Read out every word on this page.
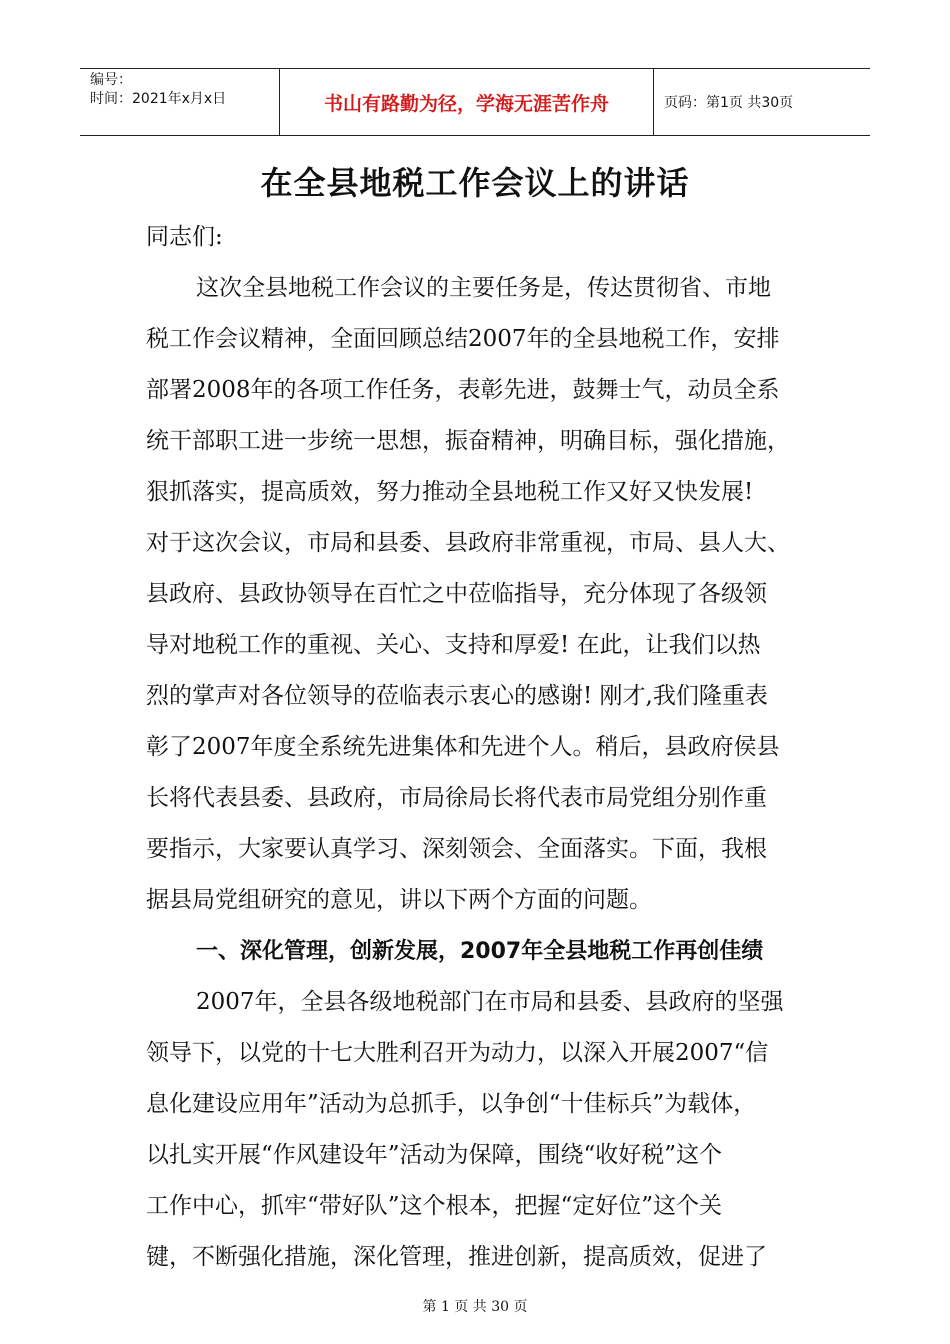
编号：
时间：2021年x月x日	书山有路勤为径，学海无涯苦作舟	页码：第1页 共30页
在全县地税工作会议上的讲话
同志们:
这次全县地税工作会议的主要任务是，传达贯彻省、市地
税工作会议精神，全面回顾总结2007年的全县地税工作，安排
部署2008年的各项工作任务，表彰先进，鼓舞士气，动员全系
统干部职工进一步统一思想，振奋精神，明确目标，强化措施，
狠抓落实，提高质效，努力推动全县地税工作又好又快发展!
对于这次会议，市局和县委、县政府非常重视，市局、县人大、
县政府、县政协领导在百忙之中莅临指导，充分体现了各级领
导对地税工作的重视、关心、支持和厚爱! 在此，让我们以热
烈的掌声对各位领导的莅临表示衷心的感谢! 刚才,我们隆重表
彰了2007年度全系统先进集体和先进个人。稍后，县政府侯县
长将代表县委、县政府，市局徐局长将代表市局党组分别作重
要指示，大家要认真学习、深刻领会、全面落实。下面，我根
据县局党组研究的意见，讲以下两个方面的问题。
一、深化管理，创新发展，2007年全县地税工作再创佳绩
2007年，全县各级地税部门在市局和县委、县政府的坚强
领导下，以党的十七大胜利召开为动力，以深入开展2007“信
息化建设应用年”活动为总抓手，以争创“十佳标兵”为载体，
以扎实开展“作风建设年”活动为保障，围绕“收好税”这个
工作中心，抓牢“带好队”这个根本，把握“定好位”这个关
键，不断强化措施，深化管理，推进创新，提高质效，促进了
第 1 页 共 30 页
